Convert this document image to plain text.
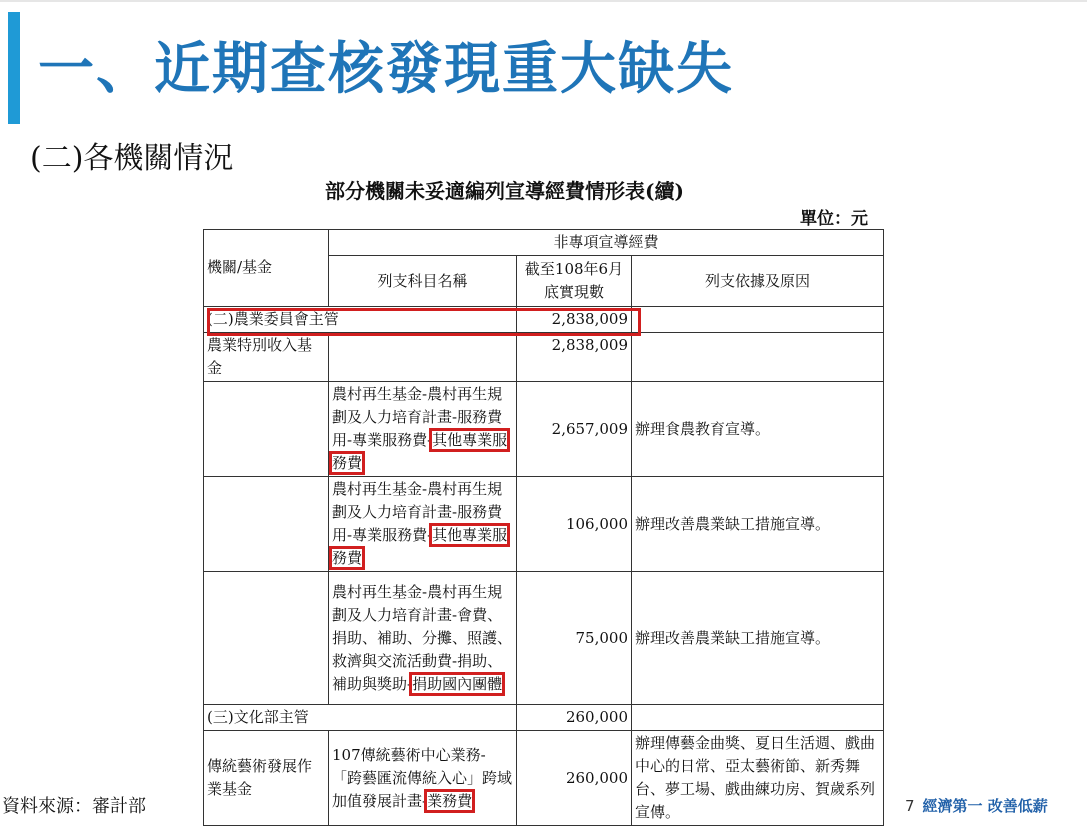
一、近期查核發現重大缺失
(二)各機關情況
部分機關未妥適編列宣導經費情形表(續)
單位：元
機關/基金	非專項宣導經費		
	列支科目名稱	截至108年6月底實現數	列支依據及原因
(二)農業委員會主管		2,838,009	
農業特別收入基金		2,838,009	
	農村再生基金-農村再生規劃及人力培育計畫-服務費用-專業服務費-其他專業服務費	2,657,009	辦理食農教育宣導。
	農村再生基金-農村再生規劃及人力培育計畫-服務費用-專業服務費-其他專業服務費	106,000	辦理改善農業缺工措施宣導。
	農村再生基金-農村再生規劃及人力培育計畫-會費、捐助、補助、分攤、照護、救濟與交流活動費-捐助、補助與獎助-捐助國內團體	75,000	辦理改善農業缺工措施宣導。
(三)文化部主管		260,000	
傳統藝術發展作業基金	107傳統藝術中心業務-「跨藝匯流傳統入心」跨域加值發展計畫-業務費	260,000	辦理傳藝金曲獎、夏日生活週、戲曲中心的日常、亞太藝術節、新秀舞台、夢工場、戲曲練功房、賀歲系列宣傳。
資料來源：審計部	7 經濟第一 改善低薪
